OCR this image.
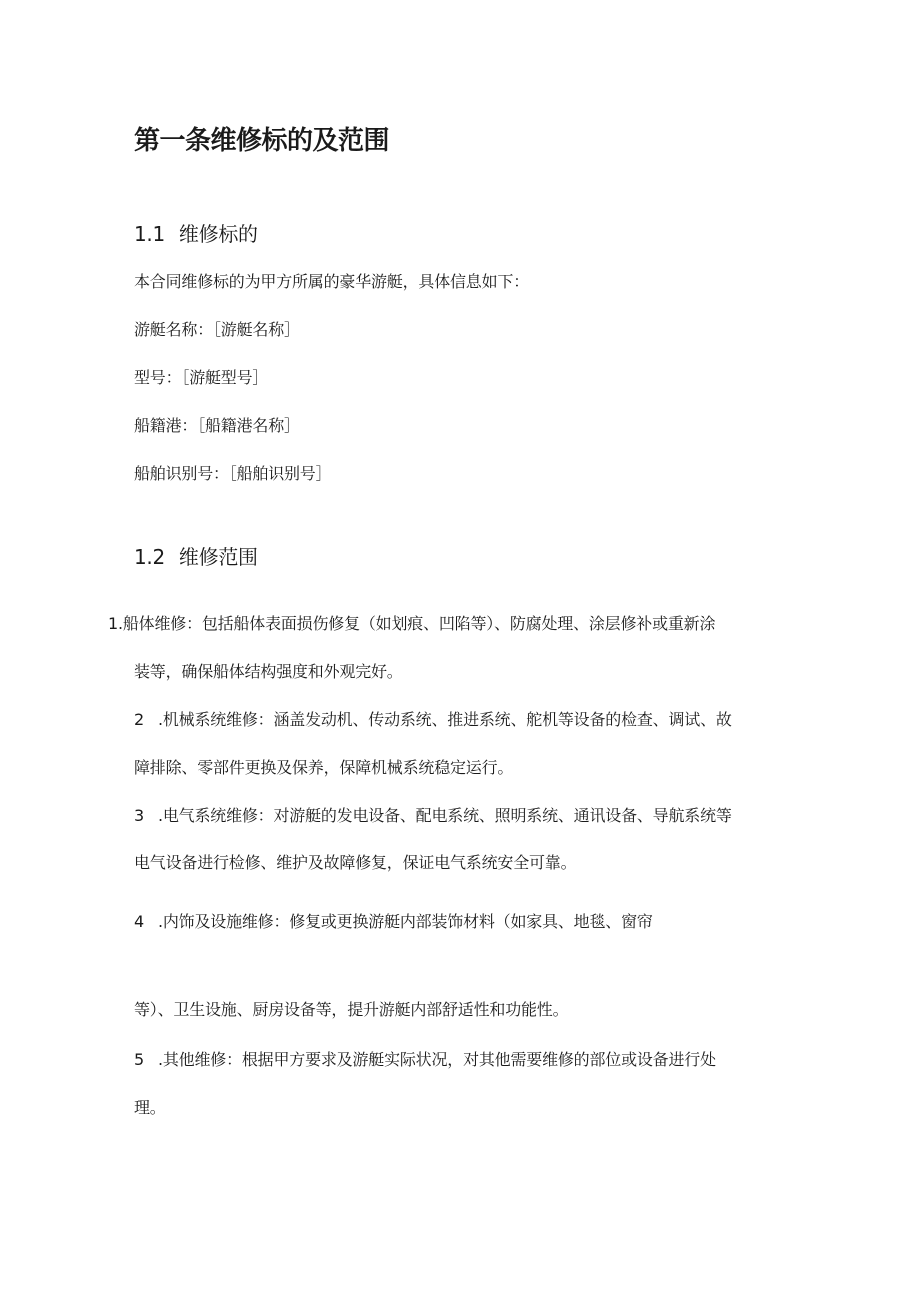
第一条维修标的及范围
1.1 维修标的

本合同维修标的为甲方所属的豪华游艇，具体信息如下：

游艇名称：［游艇名称］

型号：［游艇型号］

船籍港：［船籍港名称］

船舶识别号：［船舶识别号］

1.2 维修范围

1.船体维修：包括船体表面损伤修复（如划痕、凹陷等）、防腐处理、涂层修补或重新涂

装等，确保船体结构强度和外观完好。

2 .机械系统维修：涵盖发动机、传动系统、推进系统、舵机等设备的检查、调试、故

障排除、零部件更换及保养，保障机械系统稳定运行。

3 .电气系统维修：对游艇的发电设备、配电系统、照明系统、通讯设备、导航系统等

电气设备进行检修、维护及故障修复，保证电气系统安全可靠。

4 .内饰及设施维修：修复或更换游艇内部装饰材料（如家具、地毯、窗帘

等）、卫生设施、厨房设备等，提升游艇内部舒适性和功能性。

5 .其他维修：根据甲方要求及游艇实际状况，对其他需要维修的部位或设备进行处

理。
